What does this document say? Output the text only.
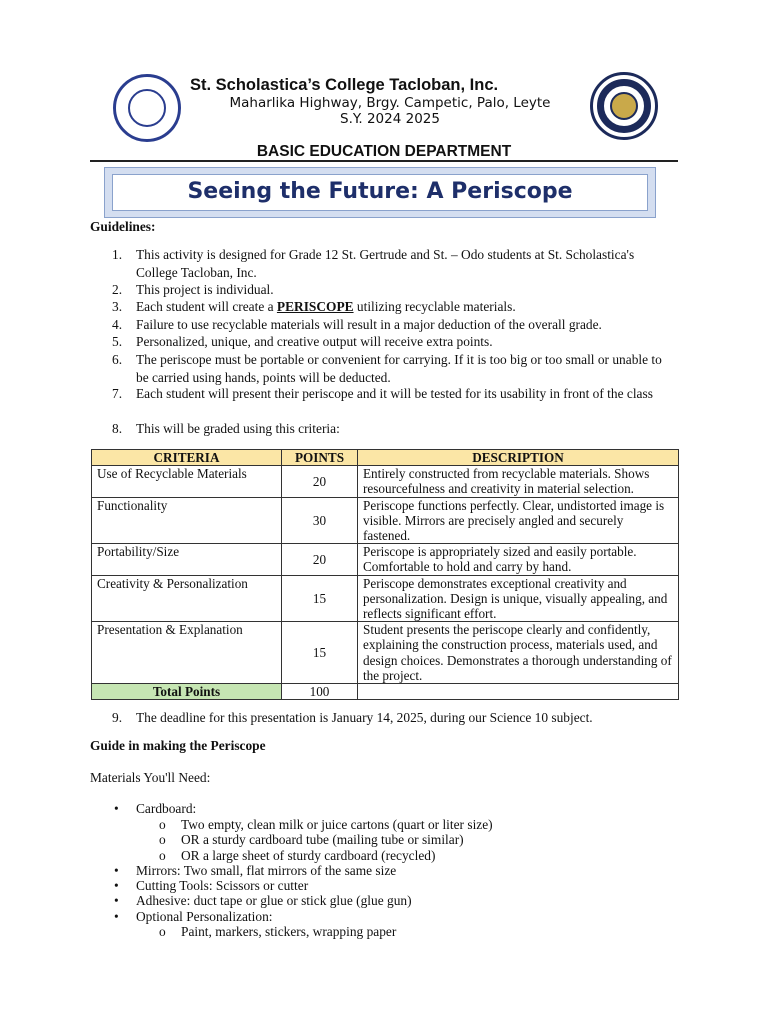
St. Scholastica’s College Tacloban, Inc.
Maharlika Highway, Brgy. Campetic, Palo, Leyte
S.Y. 2024 2025
BASIC EDUCATION DEPARTMENT
Seeing the Future: A Periscope
Guidelines:
1.	This activity is designed for Grade 12 St. Gertrude and St. – Odo students at St. Scholastica's College Tacloban, Inc.
2.	This project is individual.
3.	Each student will create a PERISCOPE utilizing recyclable materials.
4.	Failure to use recyclable materials will result in a major deduction of the overall grade.
5.	Personalized, unique, and creative output will receive extra points.
6.	The periscope must be portable or convenient for carrying. If it is too big or too small or unable to be carried using hands, points will be deducted.
7.	Each student will present their periscope and it will be tested for its usability in front of the class
8.	This will be graded using this criteria:
CRITERIA	POINTS	DESCRIPTION
Use of Recyclable Materials	20	Entirely constructed from recyclable materials. Shows resourcefulness and creativity in material selection.
Functionality	30	Periscope functions perfectly. Clear, undistorted image is visible. Mirrors are precisely angled and securely fastened.
Portability/Size	20	Periscope is appropriately sized and easily portable. Comfortable to hold and carry by hand.
Creativity & Personalization	15	Periscope demonstrates exceptional creativity and personalization. Design is unique, visually appealing, and reflects significant effort.
Presentation & Explanation	15	Student presents the periscope clearly and confidently, explaining the construction process, materials used, and design choices. Demonstrates a thorough understanding of the project.
Total Points	100	
9.	The deadline for this presentation is January 14, 2025, during our Science 10 subject.
Guide in making the Periscope
Materials You'll Need:
• Cardboard:
o Two empty, clean milk or juice cartons (quart or liter size)
o OR a sturdy cardboard tube (mailing tube or similar)
o OR a large sheet of sturdy cardboard (recycled)
• Mirrors: Two small, flat mirrors of the same size
• Cutting Tools: Scissors or cutter
• Adhesive: duct tape or glue or stick glue (glue gun)
• Optional Personalization:
o Paint, markers, stickers, wrapping paper
